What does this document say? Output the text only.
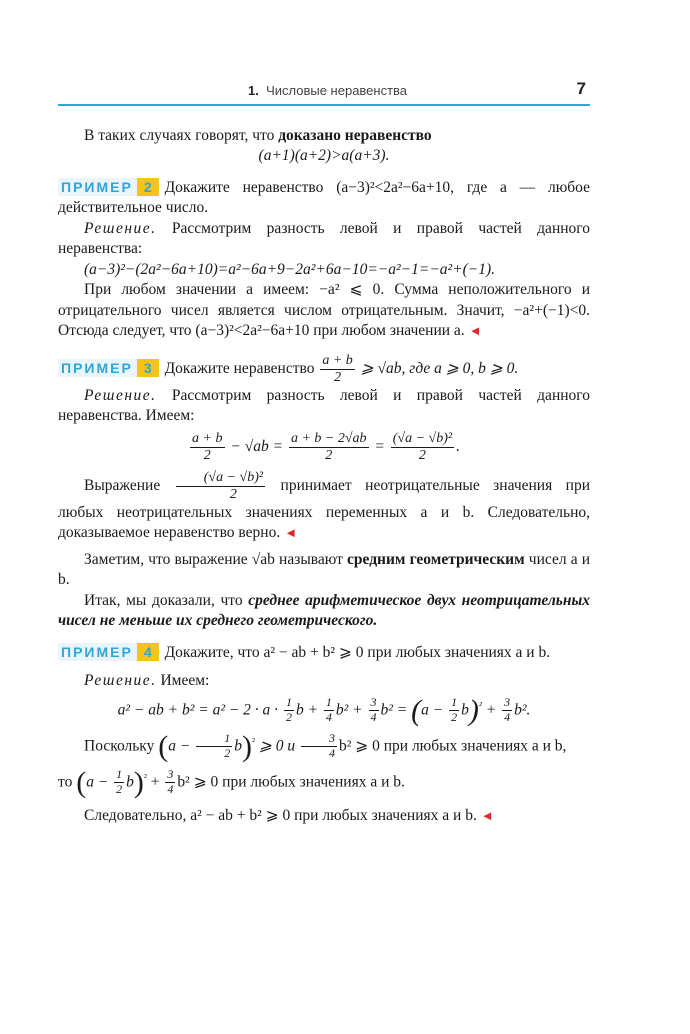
1. Числовые неравенства	7

В таких случаях говорят, что доказано неравенство

(a+1)(a+2)>a(a+3).

ПРИМЕР 2 Докажите неравенство (a−3)²<2a²−6a+10, где a — любое действительное число.

Решение. Рассмотрим разность левой и правой частей данного неравенства:

(a−3)²−(2a²−6a+10)=a²−6a+9−2a²+6a−10=−a²−1=−a²+(−1).

При любом значении a имеем: −a² ⩽ 0. Сумма неположительного и отрицательного чисел является числом отрицательным. Значит, −a²+(−1)<0. Отсюда следует, что (a−3)²<2a²−6a+10 при любом значении a. ◄

ПРИМЕР 3 Докажите неравенство $\frac{a + b}{2}$ ⩾ √ab, где a ⩾ 0, b ⩾ 0.

Решение. Рассмотрим разность левой и правой частей данного неравенства. Имеем:

$\frac{a + b}{2} - √ab = \frac{a + b - 2√ab}{2} = \frac{\text{(√a − √b)²}}{2}$ .

Выражение $\frac{\text{(√a − √b)²}}{2}$ принимает неотрицательные значения при любых неотрицательных значениях переменных a и b. Следовательно, доказываемое неравенство верно. ◄

Заметим, что выражение √ab называют средним геометрическим чисел a и b.

Итак, мы доказали, что среднее арифметическое двух неотрицательных чисел не меньше их среднего геометрического.

ПРИМЕР 4 Докажите, что a² − ab + b² ⩾ 0 при любых значениях a и b.

Решение. Имеем:

a² − ab + $b^2 = a^2 - 2 \cdot a \cdot \frac{1}{2}$ $b + \frac{1}{4} b^2 + \frac{3}{4} b^2 = (a - \frac{1}{2} b)^{^2} + \frac{3}{4} b^2$.

Поскольку $(a - \frac{1}{2} b)^{^2}$ ⩾ 0 и $\frac{3}{4} b^2$ ⩾ 0 при любых значениях a и b,

то $(a - \frac{1}{2} b)^{^2} + \frac{3}{4} b^2$ ⩾ 0 при любых значениях a и b.

Следовательно, a² − ab + b² ⩾ 0 при любых значениях a и b. ◄
